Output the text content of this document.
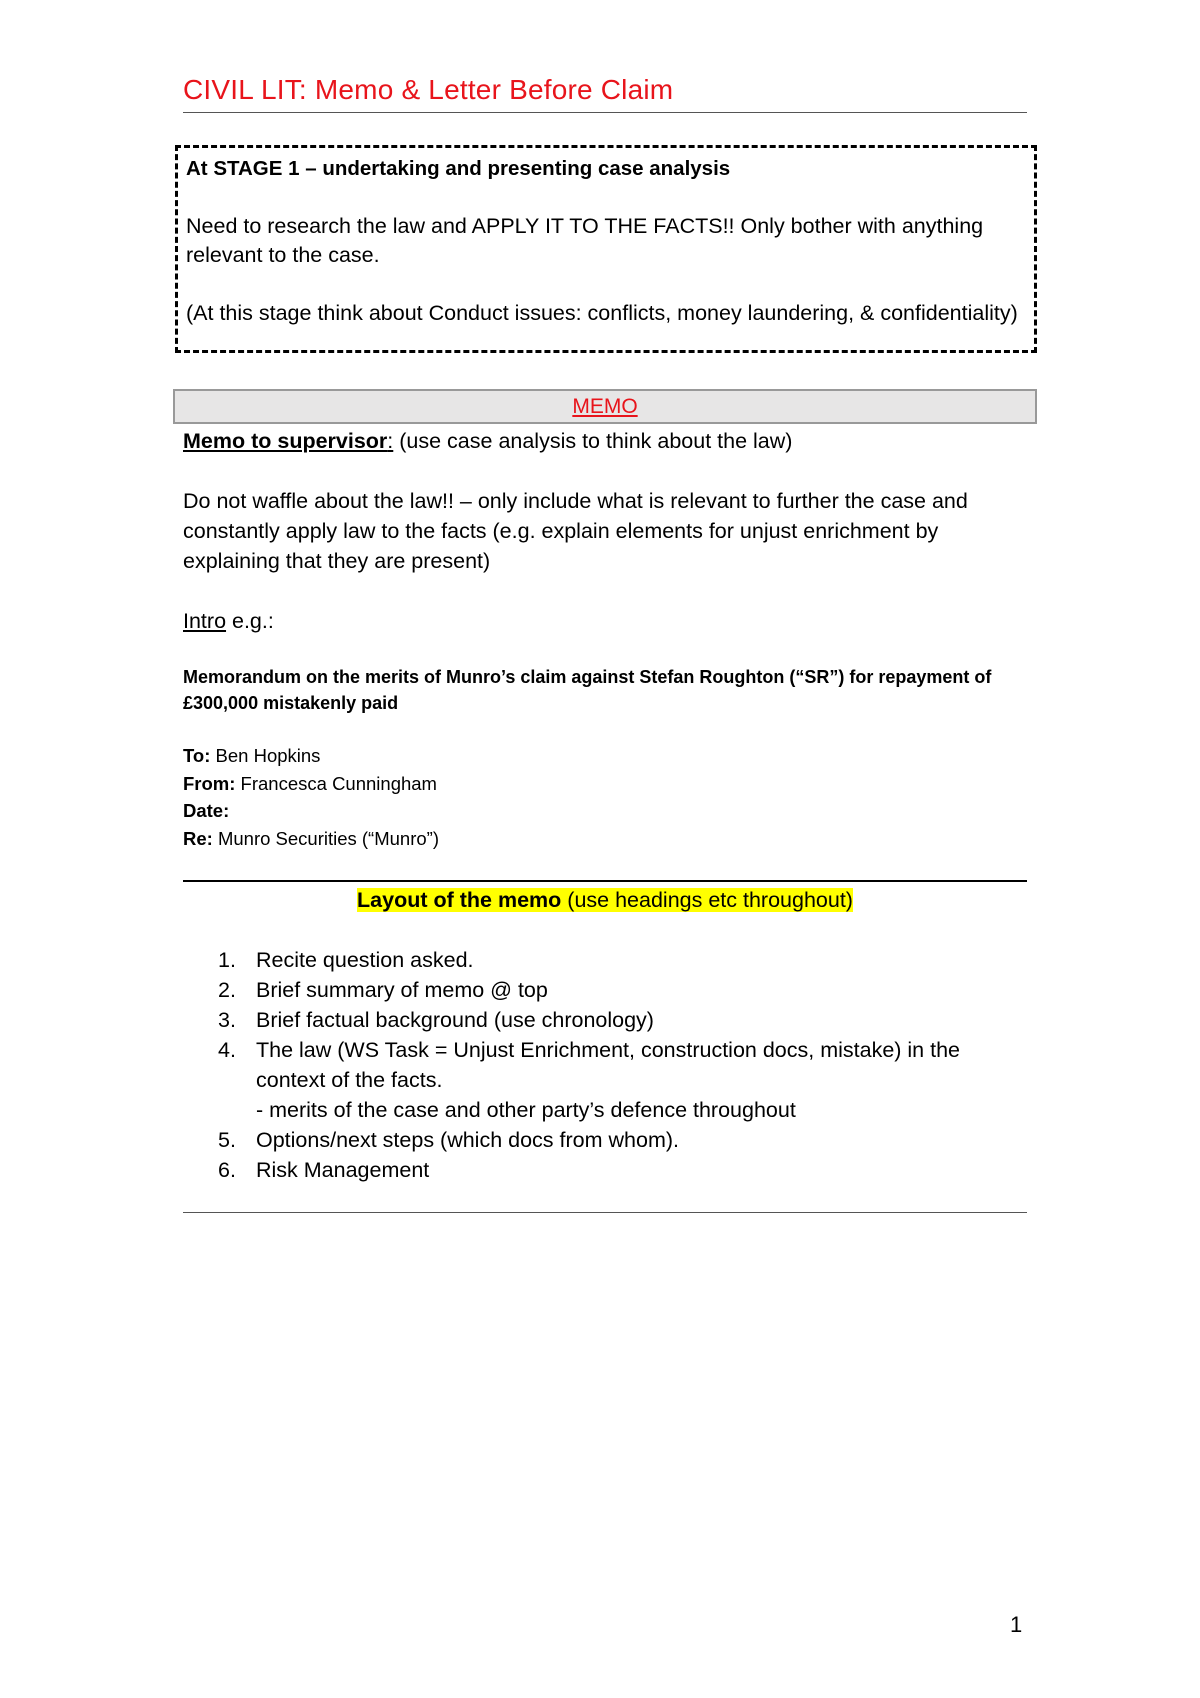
CIVIL LIT: Memo & Letter Before Claim

At STAGE 1 – undertaking and presenting case analysis

Need to research the law and APPLY IT TO THE FACTS!! Only bother with anything relevant to the case.

(At this stage think about Conduct issues: conflicts, money laundering, & confidentiality)

MEMO

Memo to supervisor: (use case analysis to think about the law)

Do not waffle about the law!! – only include what is relevant to further the case and constantly apply law to the facts (e.g. explain elements for unjust enrichment by explaining that they are present)

Intro e.g.:

Memorandum on the merits of Munro’s claim against Stefan Roughton (“SR”) for repayment of £300,000 mistakenly paid

To: Ben Hopkins

From: Francesca Cunningham

Date:

Re: Munro Securities (“Munro”)

Layout of the memo (use headings etc throughout)
1. Recite question asked.
2. Brief summary of memo @ top
3. Brief factual background (use chronology)
4. The law (WS Task = Unjust Enrichment, construction docs, mistake) in the context of the facts.
- merits of the case and other party’s defence throughout
5. Options/next steps (which docs from whom).
6. Risk Management
1
